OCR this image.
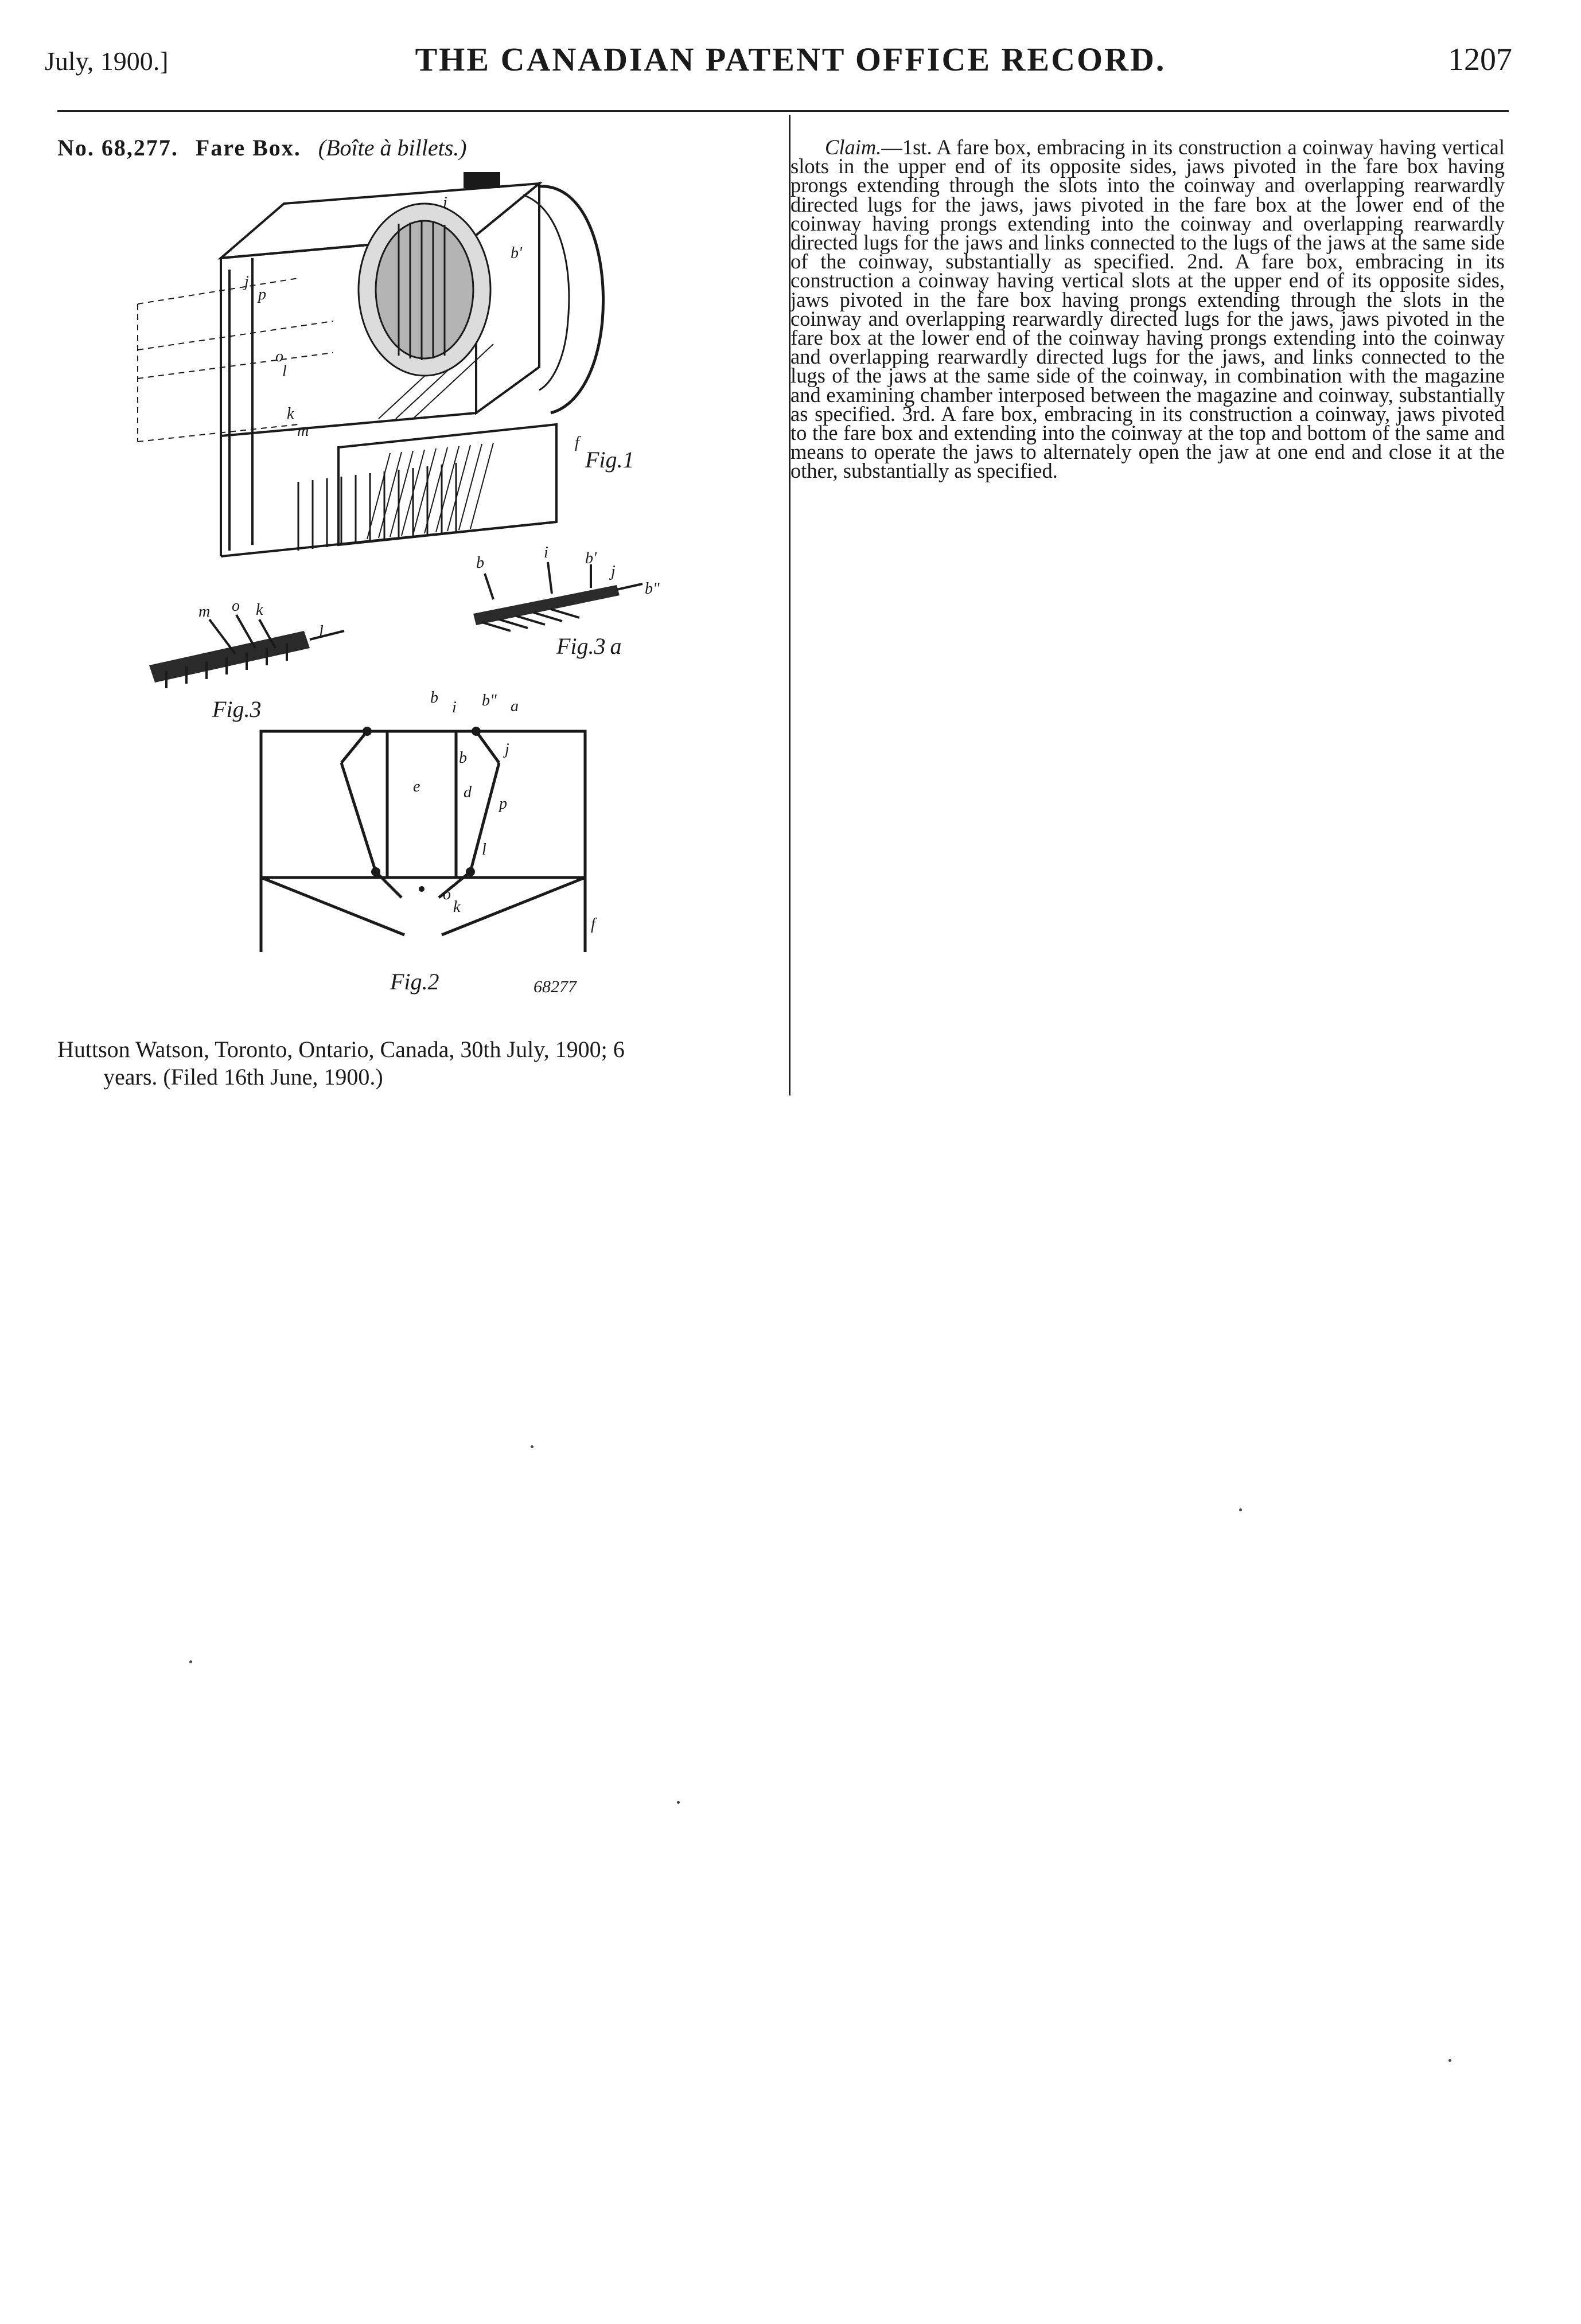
July, 1900.]	THE CANADIAN PATENT OFFICE RECORD.	1207
No. 68,277. Fare Box. (Boîte à billets.)
j
p
o
l
k
m
i
b'
f
Fig.1
m o k
l
Fig.3
b
i b'
j
b"
Fig.3 a
b
i b" a
b j
e	d
p
l
o
k
f
Fig.2	68277
Huttson Watson, Toronto, Ontario, Canada, 30th July, 1900; 6
years. (Filed 16th June, 1900.)
Claim.—1st. A fare box, embracing in its construction a coinway having vertical slots in the upper end of its opposite sides, jaws pivoted in the fare box having prongs extending through the slots into the coinway and overlapping rearwardly directed lugs for the jaws, jaws pivoted in the fare box at the lower end of the coinway having prongs extending into the coinway and overlapping rearwardly directed lugs for the jaws and links connected to the lugs of the jaws at the same side of the coinway, substantially as specified. 2nd. A fare box, embracing in its construction a coinway having vertical slots at the upper end of its opposite sides, jaws pivoted in the fare box having prongs extending through the slots in the coinway and overlapping rearwardly directed lugs for the jaws, jaws pivoted in the fare box at the lower end of the coinway having prongs extending into the coinway and overlapping rearwardly directed lugs for the jaws, and links connected to the lugs of the jaws at the same side of the coinway, in combination with the magazine and examining chamber interposed between the magazine and coinway, substantially as specified. 3rd. A fare box, embracing in its construction a coinway, jaws pivoted to the fare box and extending into the coinway at the top and bottom of the same and means to operate the jaws to alternately open the jaw at one end and close it at the other, substantially as specified.
